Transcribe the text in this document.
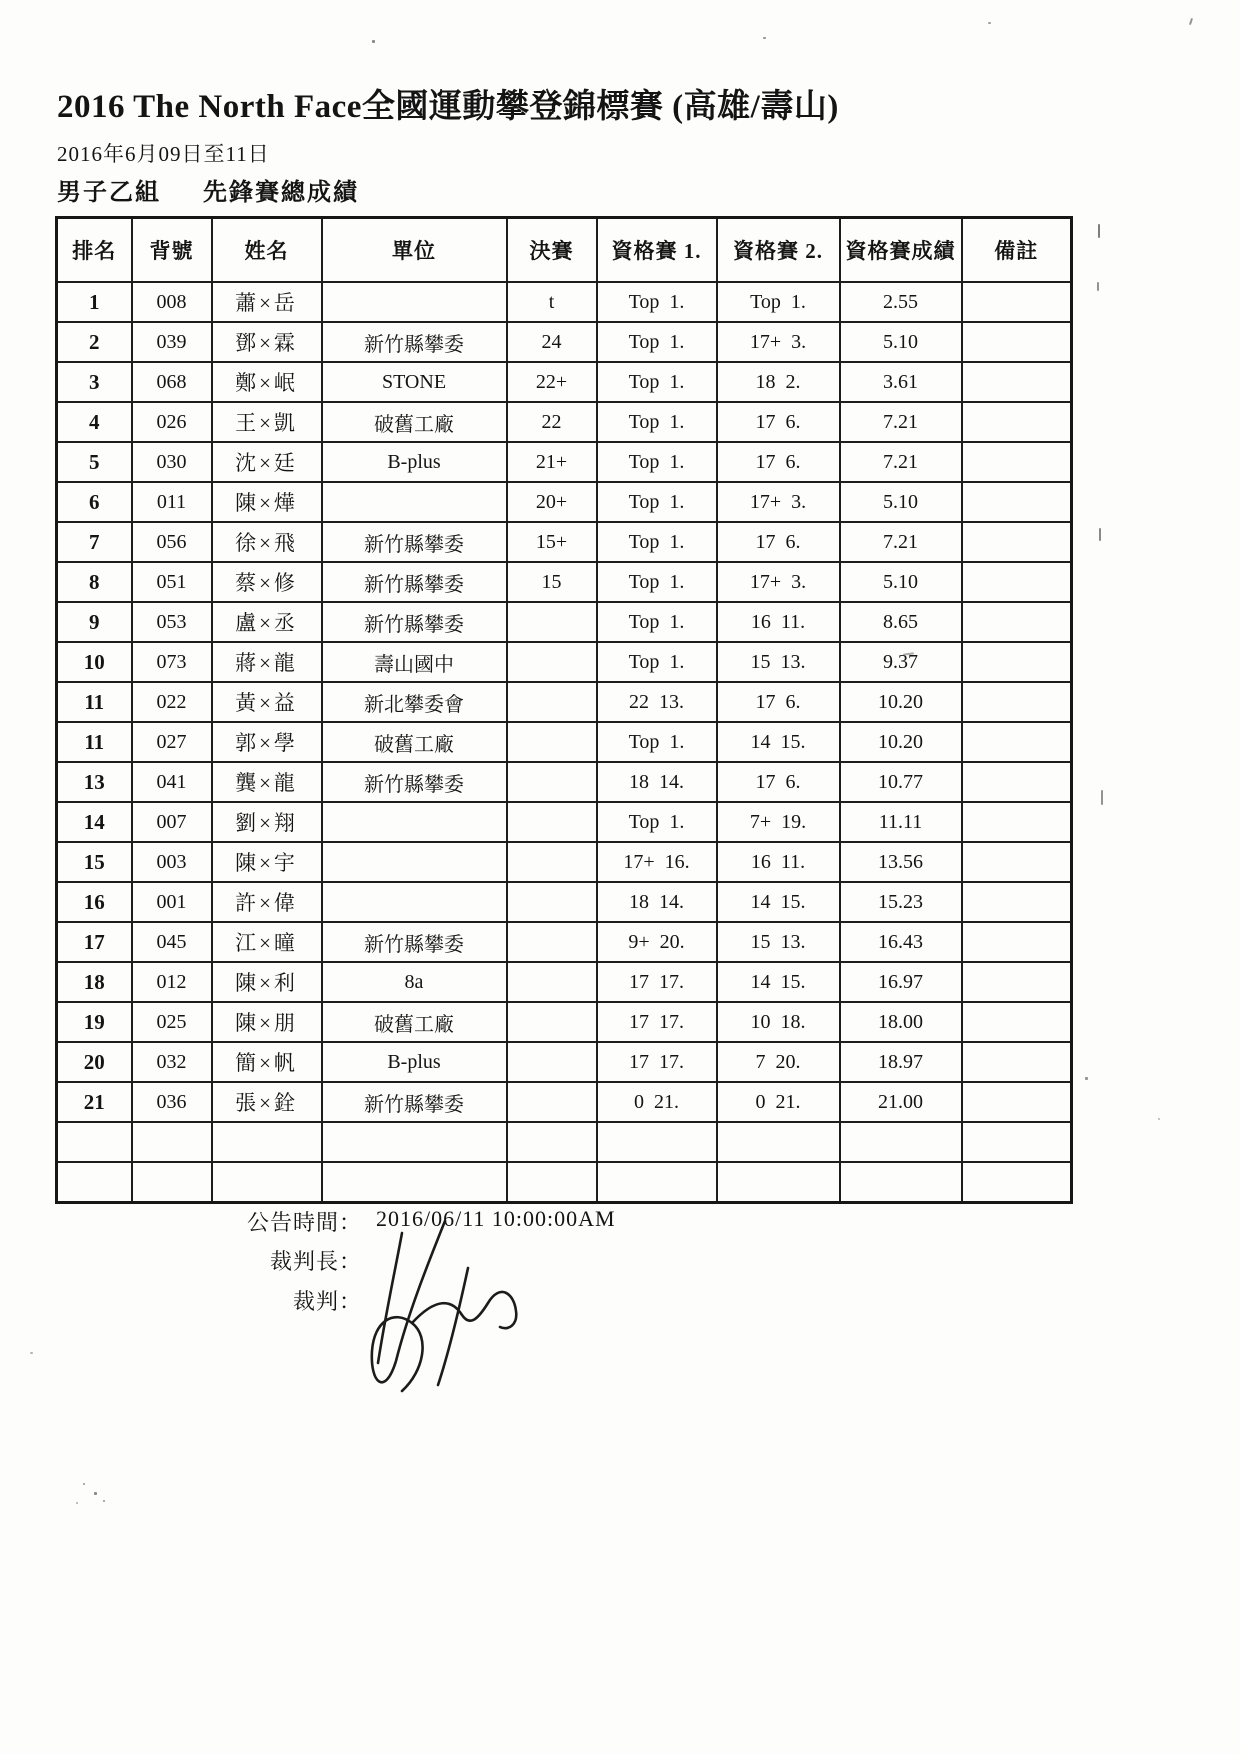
2016 The North Face全國運動攀登錦標賽 (高雄/壽山)
2016年6月09日至11日
男子乙組 先鋒賽總成績
排名	背號	姓名	單位	決賽	資格賽 1.	資格賽 2.	資格賽成績	備註
1	008	蕭×岳		t	Top  1.	Top  1.	2.55	
2	039	鄧×霖	新竹縣攀委	24	Top  1.	17+  3.	5.10	
3	068	鄭×岷	STONE	22+	Top  1.	18  2.	3.61	
4	026	王×凱	破舊工廠	22	Top  1.	17  6.	7.21	
5	030	沈×廷	B-plus	21+	Top  1.	17  6.	7.21	
6	011	陳×燁		20+	Top  1.	17+  3.	5.10	
7	056	徐×飛	新竹縣攀委	15+	Top  1.	17  6.	7.21	
8	051	蔡×修	新竹縣攀委	15	Top  1.	17+  3.	5.10	
9	053	盧×丞	新竹縣攀委		Top  1.	16  11.	8.65	
10	073	蔣×龍	壽山國中		Top  1.	15  13.	9.37	
11	022	黃×益	新北攀委會		22  13.	17  6.	10.20	
11	027	郭×學	破舊工廠		Top  1.	14  15.	10.20	
13	041	龔×龍	新竹縣攀委		18  14.	17  6.	10.77	
14	007	劉×翔			Top  1.	7+  19.	11.11	
15	003	陳×宇			17+  16.	16  11.	13.56	
16	001	許×偉			18  14.	14  15.	15.23	
17	045	江×曈	新竹縣攀委		9+  20.	15  13.	16.43	
18	012	陳×利	8a		17  17.	14  15.	16.97	
19	025	陳×朋	破舊工廠		17  17.	10  18.	18.00	
20	032	簡×帆	B-plus		17  17.	7  20.	18.97	
21	036	張×銓	新竹縣攀委		0  21.	0  21.	21.00	

公告時間： 2016/06/11 10:00:00AM
裁判長：
裁判：
